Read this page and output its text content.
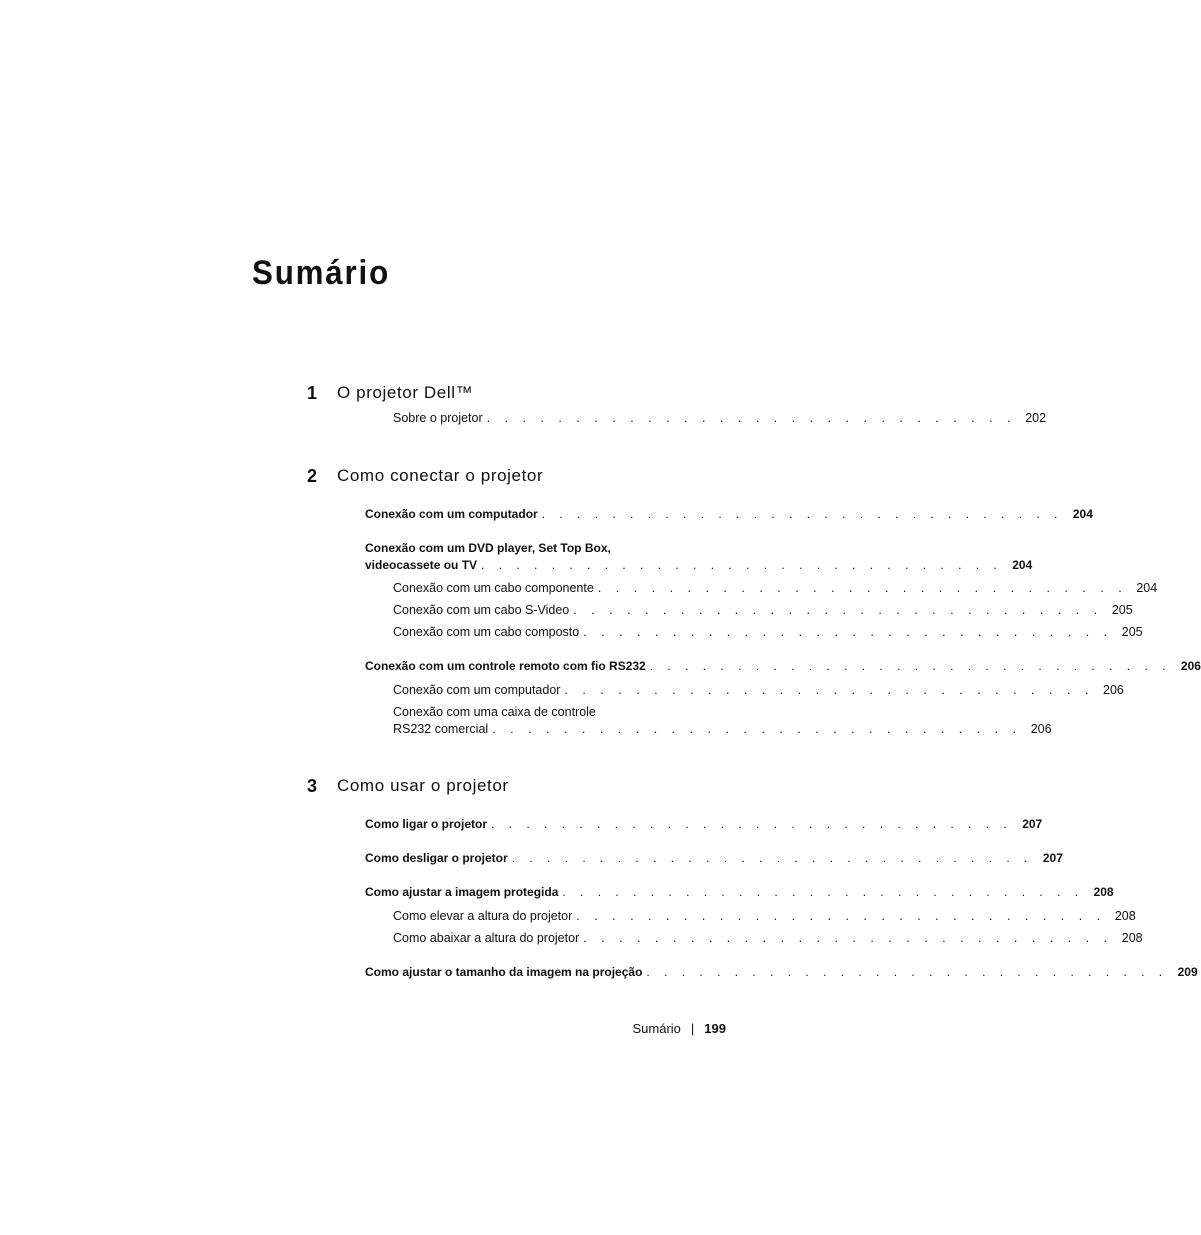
Sumário
1 O projetor Dell™
Sobre o projetor . . . . . . . . . . . . . . . . . . . . . . . . . . . . . . 202
2 Como conectar o projetor
Conexão com um computador . . . . . . . . . . . . . . . . . . . . . . . . . . . . . . 204
Conexão com um DVD player, Set Top Box,
videocassete ou TV . . . . . . . . . . . . . . . . . . . . . . . . . . . . . . 204
Conexão com um cabo componente . . . . . . . . . . . . . . . . . . . . . . . . . . . . . . 204
Conexão com um cabo S-Video . . . . . . . . . . . . . . . . . . . . . . . . . . . . . . 205
Conexão com um cabo composto . . . . . . . . . . . . . . . . . . . . . . . . . . . . . . 205
Conexão com um controle remoto com fio RS232 . . . . . . . . . . . . . . . . . . . . . . . . . . . . . . 206
Conexão com um computador . . . . . . . . . . . . . . . . . . . . . . . . . . . . . . 206
Conexão com uma caixa de controle
RS232 comercial . . . . . . . . . . . . . . . . . . . . . . . . . . . . . . 206
3 Como usar o projetor
Como ligar o projetor . . . . . . . . . . . . . . . . . . . . . . . . . . . . . . 207
Como desligar o projetor . . . . . . . . . . . . . . . . . . . . . . . . . . . . . . 207
Como ajustar a imagem protegida . . . . . . . . . . . . . . . . . . . . . . . . . . . . . . 208
Como elevar a altura do projetor . . . . . . . . . . . . . . . . . . . . . . . . . . . . . . 208
Como abaixar a altura do projetor . . . . . . . . . . . . . . . . . . . . . . . . . . . . . . 208
Como ajustar o tamanho da imagem na projeção . . . . . . . . . . . . . . . . . . . . . . . . . . . . . . 209
Sumário | 199
